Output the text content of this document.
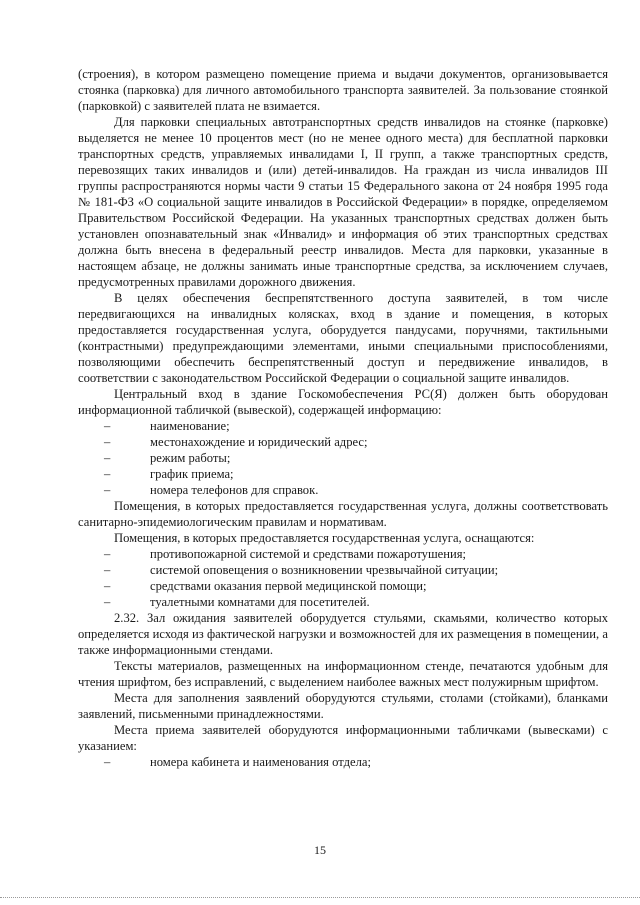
(строения), в котором размещено помещение приема и выдачи документов, организовывается стоянка (парковка) для личного автомобильного транспорта заявителей. За пользование стоянкой (парковкой) с заявителей плата не взимается.

Для парковки специальных автотранспортных средств инвалидов на стоянке (парковке) выделяется не менее 10 процентов мест (но не менее одного места) для бесплатной парковки транспортных средств, управляемых инвалидами I, II групп, а также транспортных средств, перевозящих таких инвалидов и (или) детей-инвалидов. На граждан из числа инвалидов III группы распространяются нормы части 9 статьи 15 Федерального закона от 24 ноября 1995 года № 181-ФЗ «О социальной защите инвалидов в Российской Федерации» в порядке, определяемом Правительством Российской Федерации. На указанных транспортных средствах должен быть установлен опознавательный знак «Инвалид» и информация об этих транспортных средствах должна быть внесена в федеральный реестр инвалидов. Места для парковки, указанные в настоящем абзаце, не должны занимать иные транспортные средства, за исключением случаев, предусмотренных правилами дорожного движения.

В целях обеспечения беспрепятственного доступа заявителей, в том числе передвигающихся на инвалидных колясках, вход в здание и помещения, в которых предоставляется государственная услуга, оборудуется пандусами, поручнями, тактильными (контрастными) предупреждающими элементами, иными специальными приспособлениями, позволяющими обеспечить беспрепятственный доступ и передвижение инвалидов, в соответствии с законодательством Российской Федерации о социальной защите инвалидов.

Центральный вход в здание Госкомобеспечения РС(Я) должен быть оборудован информационной табличкой (вывеской), содержащей информацию:

–	наименование;
–	местонахождение и юридический адрес;
–	режим работы;
–	график приема;
–	номера телефонов для справок.

Помещения, в которых предоставляется государственная услуга, должны соответствовать санитарно-эпидемиологическим правилам и нормативам.

Помещения, в которых предоставляется государственная услуга, оснащаются:

–	противопожарной системой и средствами пожаротушения;
–	системой оповещения о возникновении чрезвычайной ситуации;
–	средствами оказания первой медицинской помощи;
–	туалетными комнатами для посетителей.

2.32. Зал ожидания заявителей оборудуется стульями, скамьями, количество которых определяется исходя из фактической нагрузки и возможностей для их размещения в помещении, а также информационными стендами.

Тексты материалов, размещенных на информационном стенде, печатаются удобным для чтения шрифтом, без исправлений, с выделением наиболее важных мест полужирным шрифтом.

Места для заполнения заявлений оборудуются стульями, столами (стойками), бланками заявлений, письменными принадлежностями.

Места приема заявителей оборудуются информационными табличками (вывесками) с указанием:

–	номера кабинета и наименования отдела;
15
